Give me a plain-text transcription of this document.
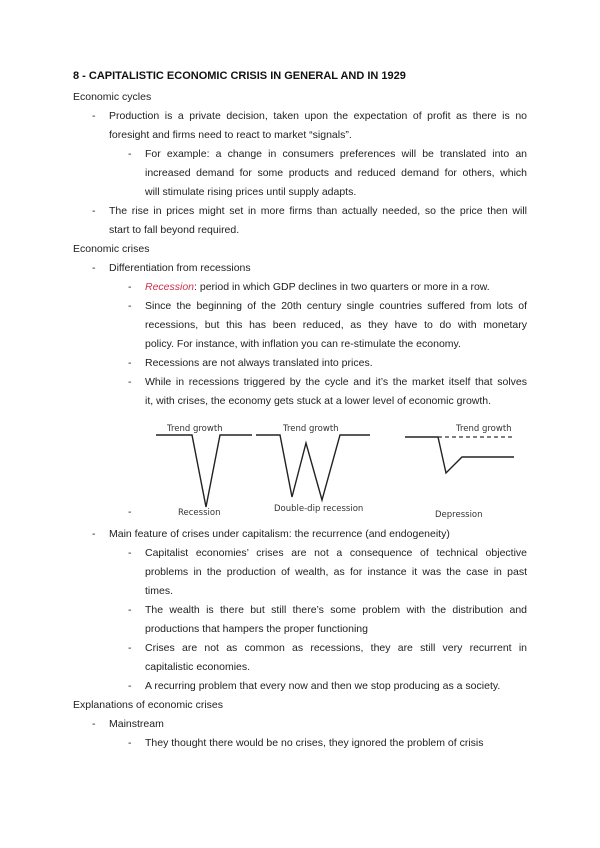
8 - CAPITALISTIC ECONOMIC CRISIS IN GENERAL AND IN 1929
Economic cycles
- Production is a private decision, taken upon the expectation of profit as there is no
foresight and firms need to react to market “signals”.
- For example: a change in consumers preferences will be translated into an
increased demand for some products and reduced demand for others, which
will stimulate rising prices until supply adapts.
- The rise in prices might set in more firms than actually needed, so the price then will
start to fall beyond required.
Economic crises
- Differentiation from recessions
- Recession: period in which GDP declines in two quarters or more in a row.
- Since the beginning of the 20th century single countries suffered from lots of
recessions, but this has been reduced, as they have to do with monetary
policy. For instance, with inflation you can re-stimulate the economy.
- Recessions are not always translated into prices.
- While in recessions triggered by the cycle and it’s the market itself that solves
it, with crises, the economy gets stuck at a lower level of economic growth.
-
Trend growth
Recession
Trend growth
Double-dip recession
Trend growth
Depression
- Main feature of crises under capitalism: the recurrence (and endogeneity)
- Capitalist economies’ crises are not a consequence of technical objective
problems in the production of wealth, as for instance it was the case in past
times.
- The wealth is there but still there’s some problem with the distribution and
productions that hampers the proper functioning
- Crises are not as common as recessions, they are still very recurrent in
capitalistic economies.
- A recurring problem that every now and then we stop producing as a society.
Explanations of economic crises
- Mainstream
- They thought there would be no crises, they ignored the problem of crisis
